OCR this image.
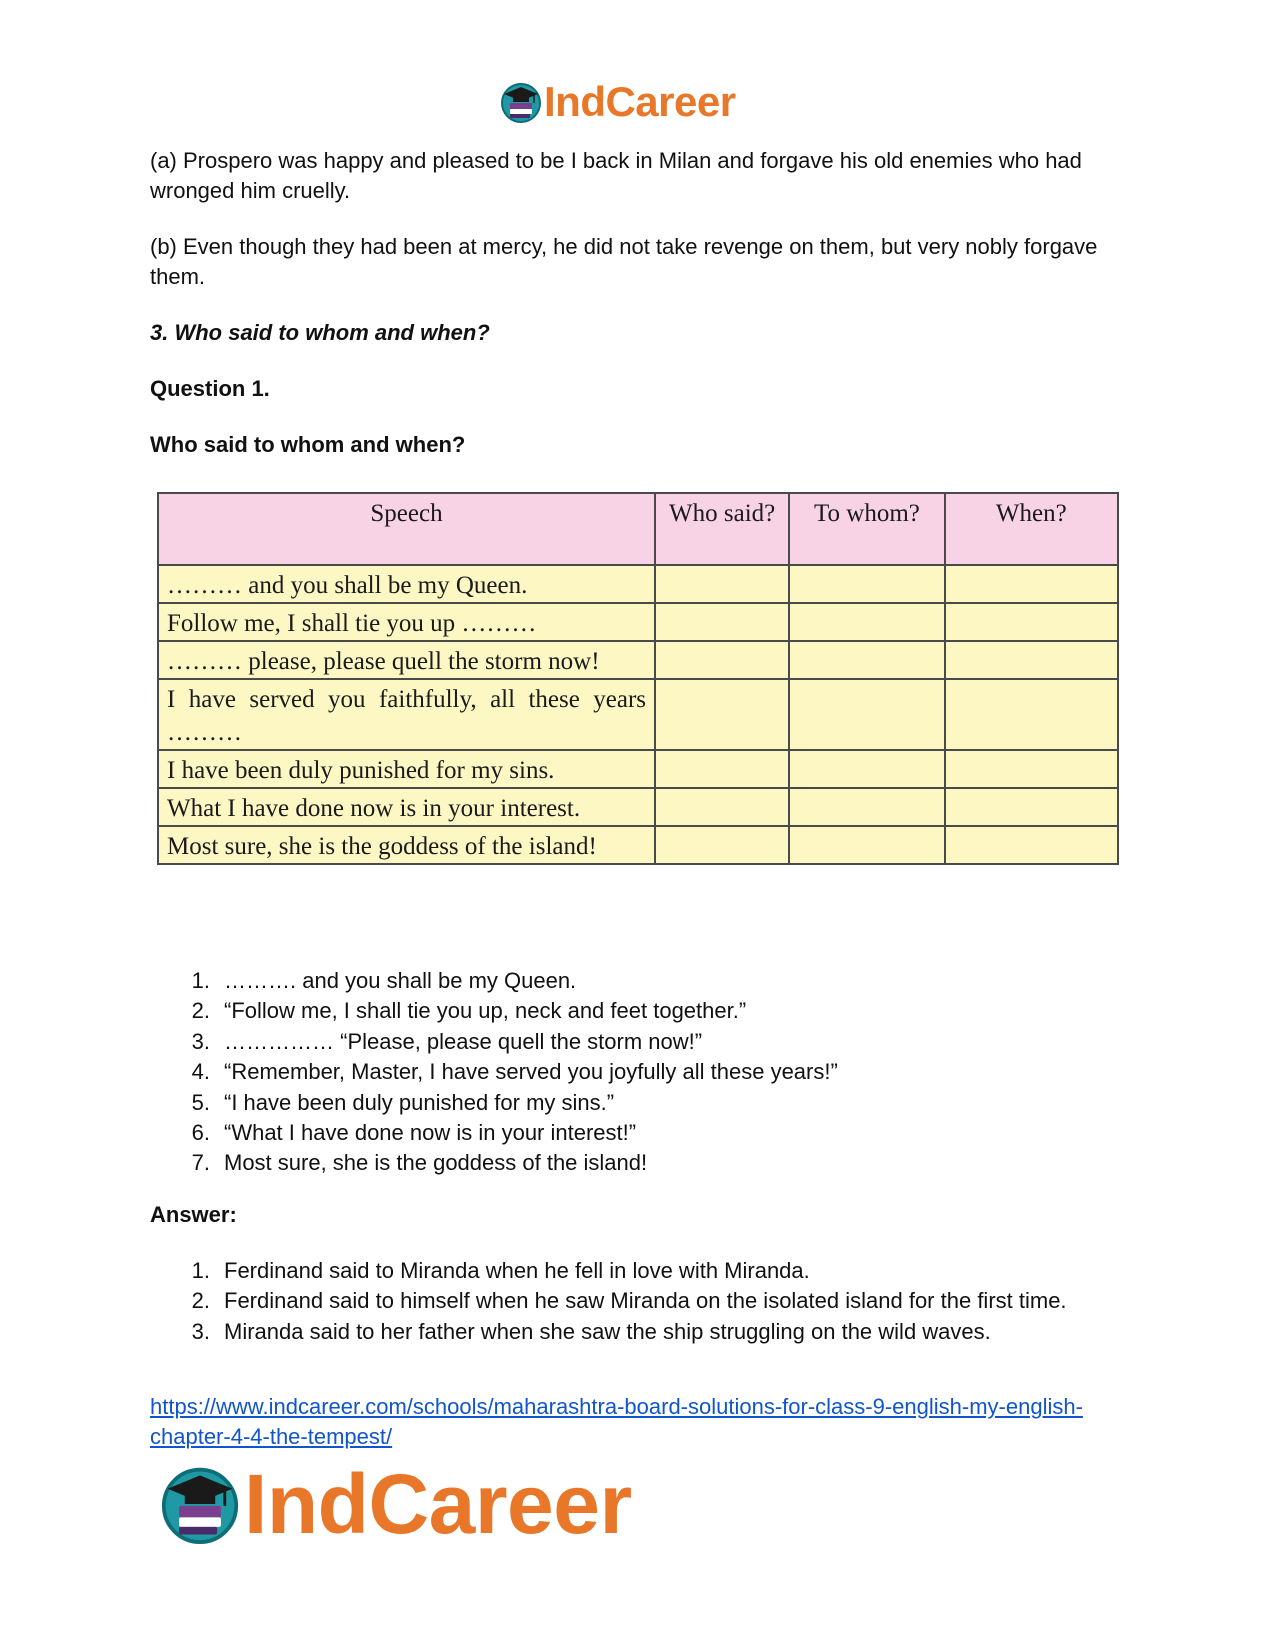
IndCareer

(a) Prospero was happy and pleased to be I back in Milan and forgave his old enemies who had wronged him cruelly.

(b) Even though they had been at mercy, he did not take revenge on them, but very nobly forgave them.

3. Who said to whom and when?

Question 1.

Who said to whom and when?

Speech	Who said?	To whom?	When?
……… and you shall be my Queen.			
Follow me, I shall tie you up ………			
……… please, please quell the storm now!			
I have served you faithfully, all these years ………			
I have been duly punished for my sins.			
What I have done now is in your interest.			
Most sure, she is the goddess of the island!			
1. ………. and you shall be my Queen.
2. “Follow me, I shall tie you up, neck and feet together.”
3. …………… “Please, please quell the storm now!”
4. “Remember, Master, I have served you joyfully all these years!”
5. “I have been duly punished for my sins.”
6. “What I have done now is in your interest!”
7. Most sure, she is the goddess of the island!
Answer:
1. Ferdinand said to Miranda when he fell in love with Miranda.
2. Ferdinand said to himself when he saw Miranda on the isolated island for the first time.
3. Miranda said to her father when she saw the ship struggling on the wild waves.
https://www.indcareer.com/schools/maharashtra-board-solutions-for-class-9-english-my-english-chapter-4-4-the-tempest/
IndCareer
